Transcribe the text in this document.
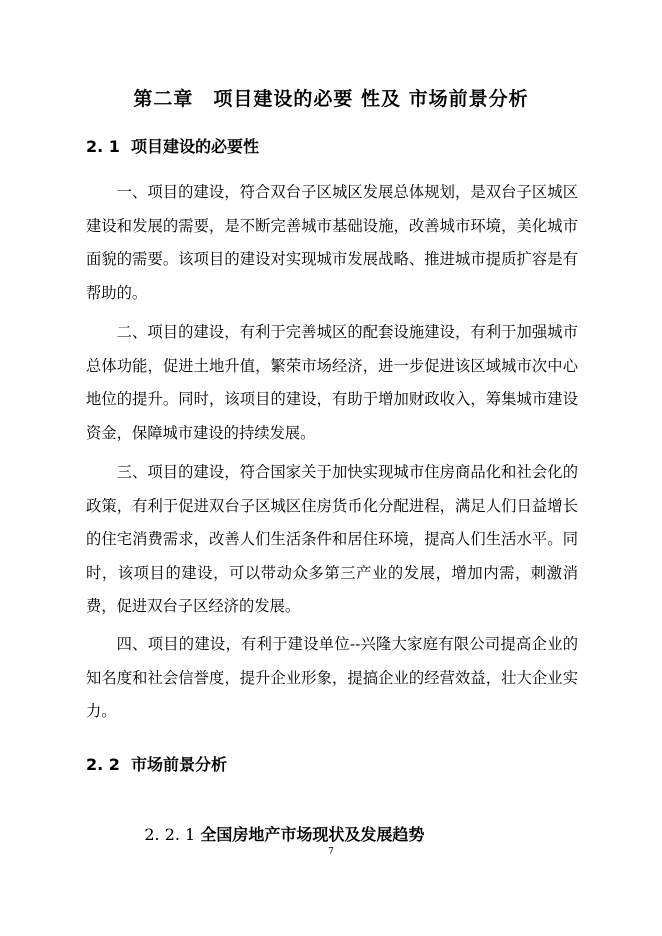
第二章　项目建设的必要 性及 市场前景分析
2. 1  项目建设的必要性

一、项目的建设，符合双台子区城区发展总体规划，是双台子区城区建设和发展的需要，是不断完善城市基础设施，改善城市环境，美化城市面貌的需要。该项目的建设对实现城市发展战略、推进城市提质扩容是有帮助的。

二、项目的建设，有利于完善城区的配套设施建设，有利于加强城市总体功能，促进土地升值，繁荣市场经济，进一步促进该区域城市次中心地位的提升。同时，该项目的建设，有助于增加财政收入，筹集城市建设资金，保障城市建设的持续发展。

三、项目的建设，符合国家关于加快实现城市住房商品化和社会化的政策，有利于促进双台子区城区住房货币化分配进程，满足人们日益增长的住宅消费需求，改善人们生活条件和居住环境，提高人们生活水平。同时，该项目的建设，可以带动众多第三产业的发展，增加内需，刺激消费，促进双台子区经济的发展。

四、项目的建设，有利于建设单位--兴隆大家庭有限公司提高企业的知名度和社会信誉度，提升企业形象，提搞企业的经营效益，壮大企业实力。

2. 2  市场前景分析

2. 2. 1 全国房地产市场现状及发展趋势

7
